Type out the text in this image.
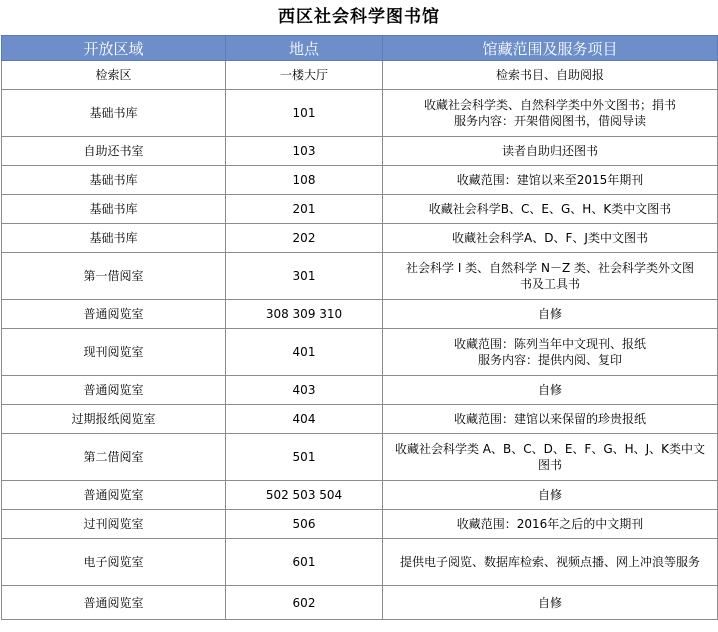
西区社会科学图书馆
开放区域	地点	馆藏范围及服务项目
检索区	一楼大厅	检索书目、自助阅报
基础书库	101	收藏社会科学类、自然科学类中外文图书；捐书
服务内容：开架借阅图书，借阅导读
自助还书室	103	读者自助归还图书
基础书库	108	收藏范围：建馆以来至2015年期刊
基础书库	201	收藏社会科学B、C、E、G、H、K类中文图书
基础书库	202	收藏社会科学A、D、F、J类中文图书
第一借阅室	301	社会科学 I 类、自然科学 N－Z 类、社会科学类外文图
书及工具书
普通阅览室	308 309 310	自修
现刊阅览室	401	收藏范围：陈列当年中文现刊、报纸
服务内容：提供内阅、复印
普通阅览室	403	自修
过期报纸阅览室	404	收藏范围：建馆以来保留的珍贵报纸
第二借阅室	501	收藏社会科学类 A、B、C、D、E、F、G、H、J、K类中文
图书
普通阅览室	502 503 504	自修
过刊阅览室	506	收藏范围：2016年之后的中文期刊
电子阅览室	601	提供电子阅览、数据库检索、视频点播、网上冲浪等服务
普通阅览室	602	自修
